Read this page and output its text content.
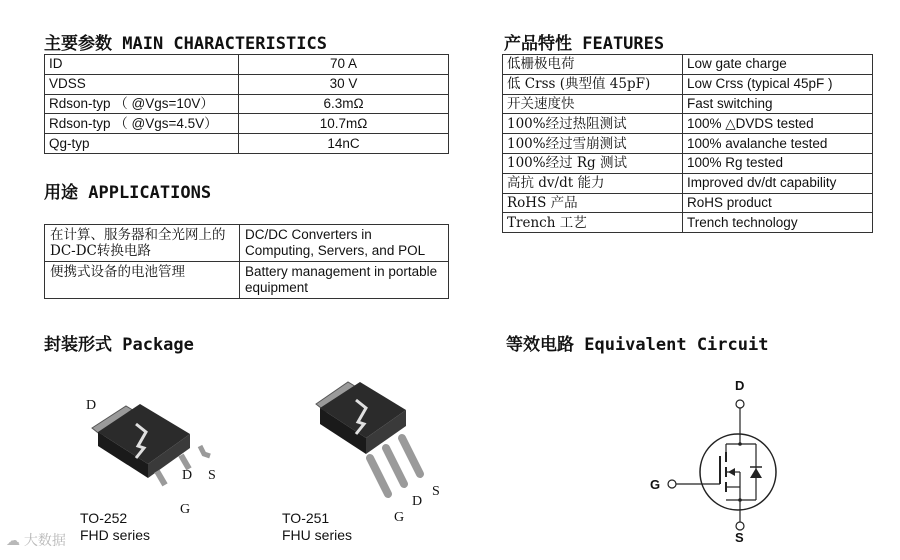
主要参数 MAIN CHARACTERISTICS
ID	70 A
VDSS	30 V
Rdson-typ （ @Vgs=10V）	6.3mΩ
Rdson-typ （ @Vgs=4.5V）	10.7mΩ
Qg-typ	14nC
产品特性 FEATURES
低栅极电荷	Low gate charge
低 Crss (典型值 45pF)	Low Crss (typical 45pF )
开关速度快	Fast switching
100%经过热阻测试	100% △DVDS tested
100%经过雪崩测试	100% avalanche tested
100%经过 Rg 测试	100% Rg tested
高抗 dv/dt 能力	Improved dv/dt capability
RoHS 产品	RoHS product
Trench 工艺	Trench technology
用途 APPLICATIONS
在计算、服务器和全光网上的DC-DC转换电路	DC/DC Converters in Computing, Servers, and POL
便携式设备的电池管理	Battery management in portable equipment
封装形式 Package
D
D S
G
TO-252
FHD series
D
S
G
TO-251
FHU series
等效电路 Equivalent Circuit
D
G
S
☁︎ 大数据
